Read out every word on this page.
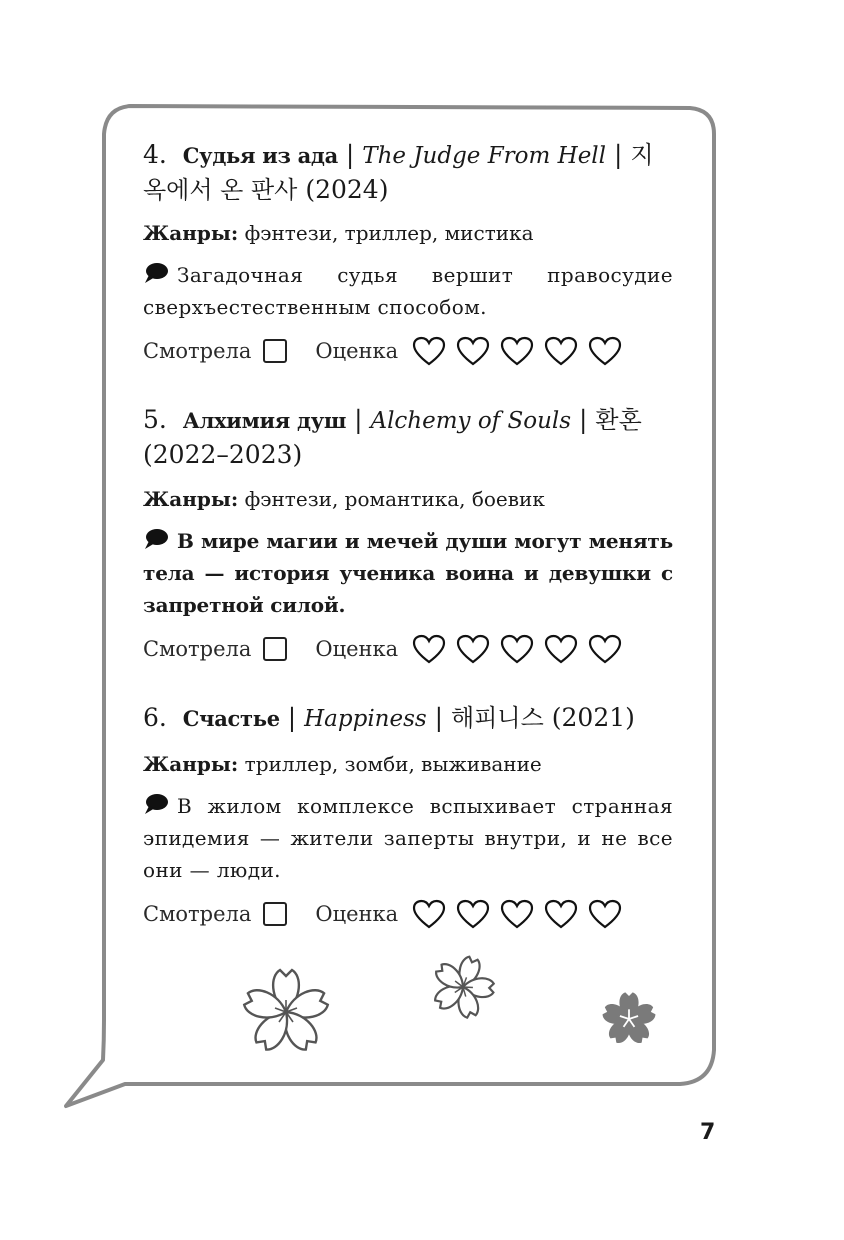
4. Судья из ада | The Judge From Hell | 지옥에서 온 판사 (2024)
Жанры: фэнтези, триллер, мистика
Загадочная судья вершит правосудие сверхъестественным способом.
Смотрела	Оценка
5. Алхимия душ | Alchemy of Souls | 환혼 (2022–2023)
Жанры: фэнтези, романтика, боевик
В мире магии и мечей души могут менять тела — история ученика воина и девушки с запретной силой.
Смотрела	Оценка
6. Счастье | Happiness | 해피니스 (2021)
Жанры: триллер, зомби, выживание
В жилом комплексе вспыхивает странная эпидемия — жители заперты внутри, и не все они — люди.
Смотрела	Оценка
7
